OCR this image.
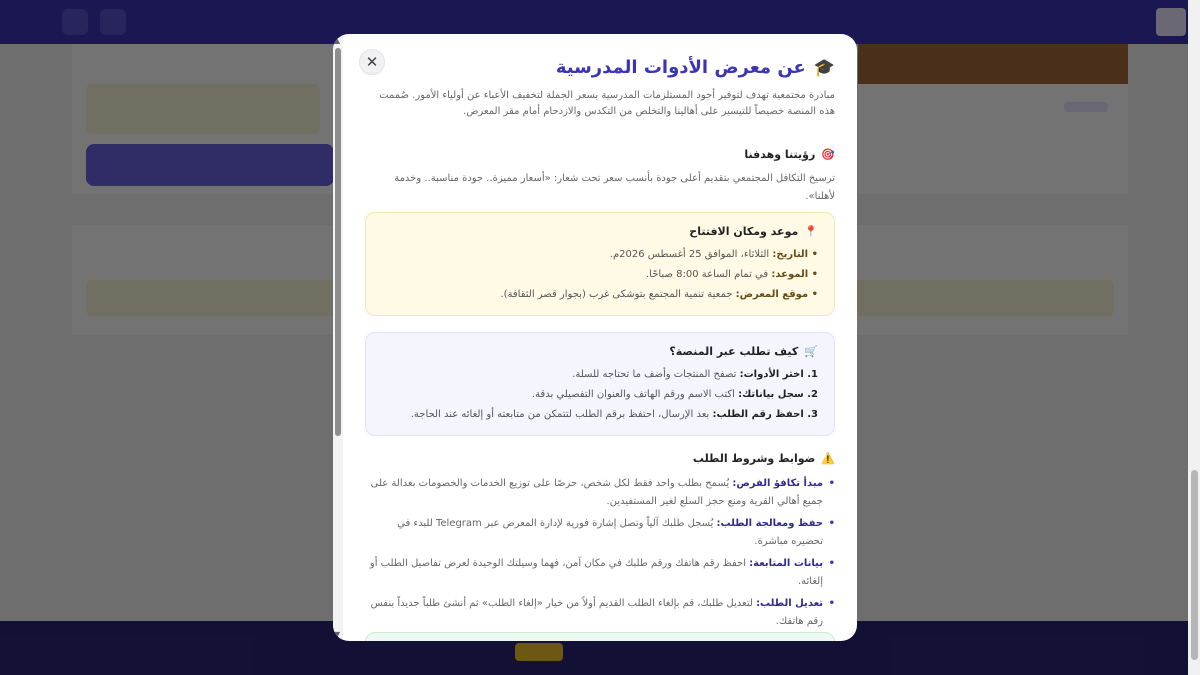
▲
▼
✕	🎓
عن معرض الأدوات المدرسية

مبادرة مجتمعية تهدف لتوفير أجود المستلزمات المدرسية بسعر الجملة لتخفيف الأعباء عن أولياء الأمور. صُممت هذه المنصة خصيصاً للتيسير على أهالينا والتخلص من التكدس والازدحام أمام مقر المعرض.

🎯
رؤيتنا وهدفنا

ترسيخ التكافل المجتمعي بتقديم أعلى جودة بأنسب سعر تحت شعار: «أسعار مميزة.. جودة مناسبة.. وخدمة لأهلنا».

📍
موعد ومكان الافتتاح
• التاريخ: الثلاثاء، الموافق 25 أغسطس 2026م.
• الموعد: في تمام الساعة 8:00 صباحًا.
• موقع المعرض: جمعية تنمية المجتمع بتوشكى غرب (بجوار قصر الثقافة).
🛒
كيف تطلب عبر المنصة؟
1. اختر الأدوات: تصفح المنتجات وأضف ما تحتاجه للسلة.
2. سجل بياناتك: اكتب الاسم ورقم الهاتف والعنوان التفصيلي بدقة.
3. احفظ رقم الطلب: بعد الإرسال، احتفظ برقم الطلب لتتمكن من متابعته أو إلغائه عند الحاجة.
⚠️
ضوابط وشروط الطلب
• مبدأ تكافؤ الفرص: يُسمح بطلب واحد فقط لكل شخص، حرصًا على توزيع الخدمات والخصومات بعدالة على جميع أهالي القرية ومنع حجز السلع لغير المستفيدين.
• حفظ ومعالجة الطلب: يُسجل طلبك آلياً وتصل إشارة فورية لإدارة المعرض عبر Telegram للبدء في تحضيره مباشرة.
• بيانات المتابعة: احفظ رقم هاتفك ورقم طلبك في مكان آمن، فهما وسيلتك الوحيدة لعرض تفاصيل الطلب أو إلغائه.
• تعديل الطلب: لتعديل طلبك، قم بإلغاء الطلب القديم أولاً من خيار «إلغاء الطلب» ثم أنشئ طلباً جديداً بنفس رقم هاتفك.
